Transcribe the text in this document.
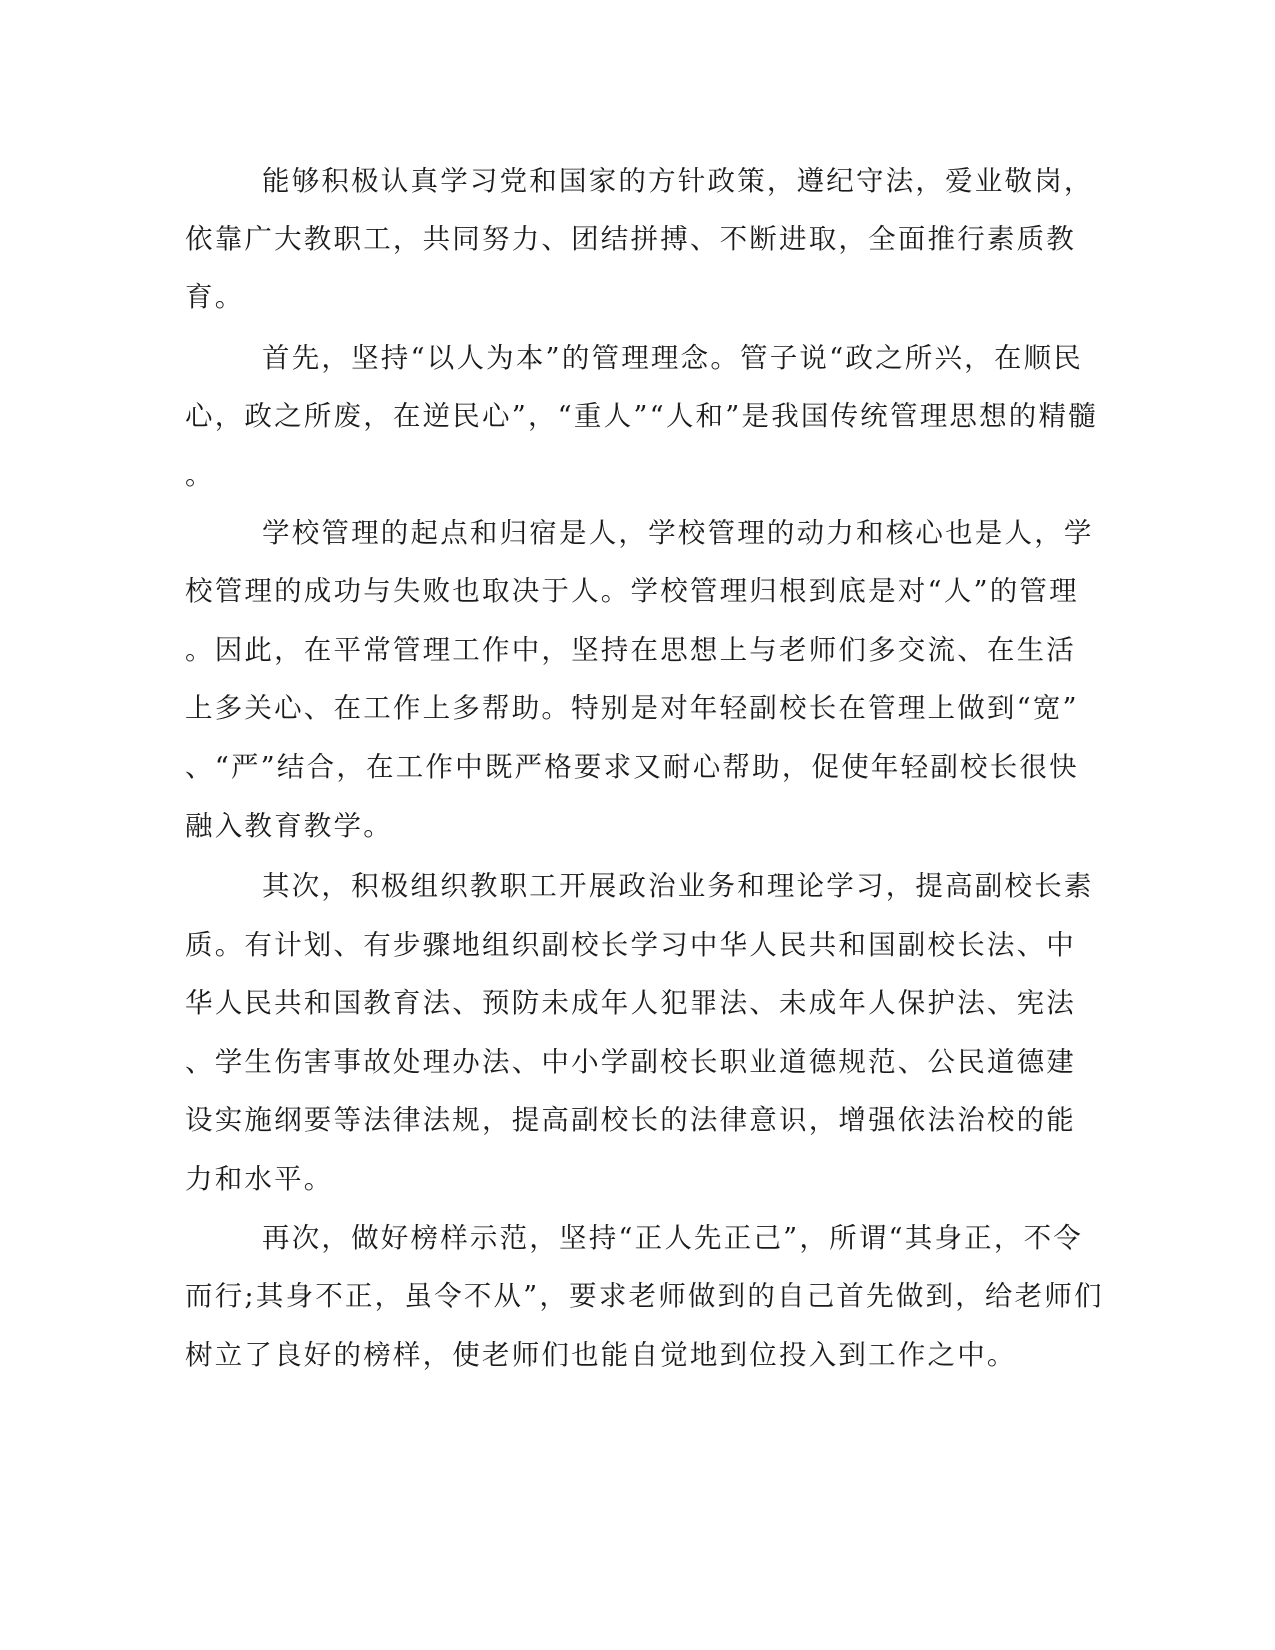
能够积极认真学习党和国家的方针政策，遵纪守法，爱业敬岗，
依靠广大教职工，共同努力、团结拼搏、不断进取，全面推行素质教
育。
首先，坚持“以人为本”的管理理念。管子说“政之所兴，在顺民
心，政之所废，在逆民心”，“重人”“人和”是我国传统管理思想的精髓
。
学校管理的起点和归宿是人，学校管理的动力和核心也是人，学
校管理的成功与失败也取决于人。学校管理归根到底是对“人”的管理
。因此，在平常管理工作中，坚持在思想上与老师们多交流、在生活
上多关心、在工作上多帮助。特别是对年轻副校长在管理上做到“宽”
、“严”结合，在工作中既严格要求又耐心帮助，促使年轻副校长很快
融入教育教学。
其次，积极组织教职工开展政治业务和理论学习，提高副校长素
质。有计划、有步骤地组织副校长学习中华人民共和国副校长法、中
华人民共和国教育法、预防未成年人犯罪法、未成年人保护法、宪法
、学生伤害事故处理办法、中小学副校长职业道德规范、公民道德建
设实施纲要等法律法规，提高副校长的法律意识，增强依法治校的能
力和水平。
再次，做好榜样示范，坚持“正人先正己”，所谓“其身正，不令
而行;其身不正，虽令不从”，要求老师做到的自己首先做到，给老师们
树立了良好的榜样，使老师们也能自觉地到位投入到工作之中。
